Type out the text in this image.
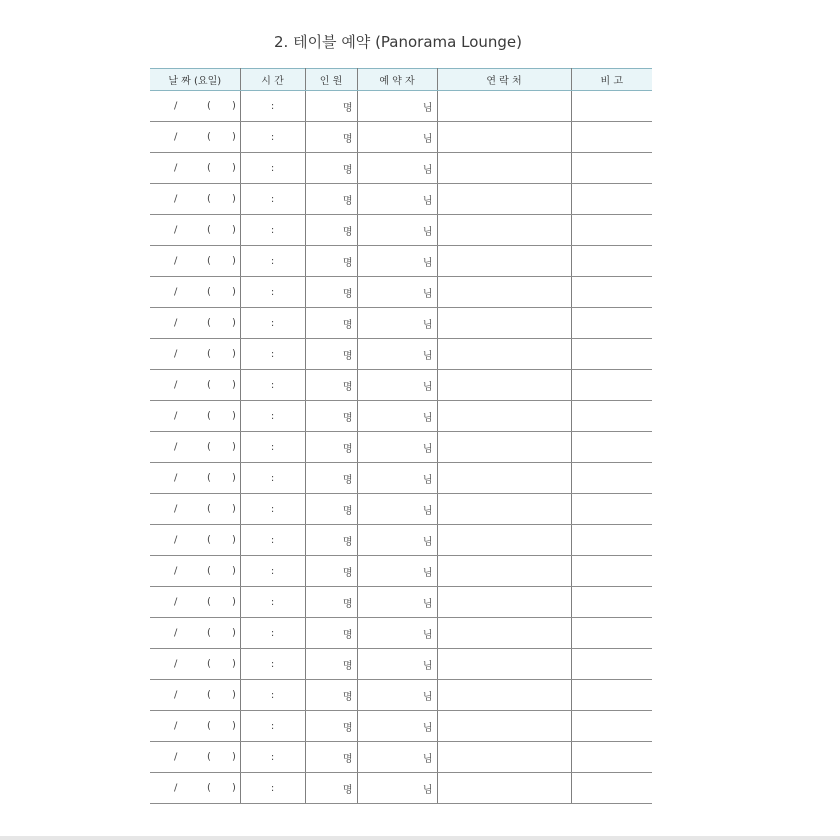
2. 테이블 예약 (Panorama Lounge)
날 짜 (요일)	시 간	인 원	예 약 자	연 락 처	비 고

/ ( )	:	명	님		

/ ( )	:	명	님		

/ ( )	:	명	님		

/ ( )	:	명	님		

/ ( )	:	명	님		

/ ( )	:	명	님		

/ ( )	:	명	님		

/ ( )	:	명	님		

/ ( )	:	명	님		

/ ( )	:	명	님		

/ ( )	:	명	님		

/ ( )	:	명	님		

/ ( )	:	명	님		

/ ( )	:	명	님		

/ ( )	:	명	님		

/ ( )	:	명	님		

/ ( )	:	명	님		

/ ( )	:	명	님		

/ ( )	:	명	님		

/ ( )	:	명	님		

/ ( )	:	명	님		

/ ( )	:	명	님		

/ ( )	:	명	님		
